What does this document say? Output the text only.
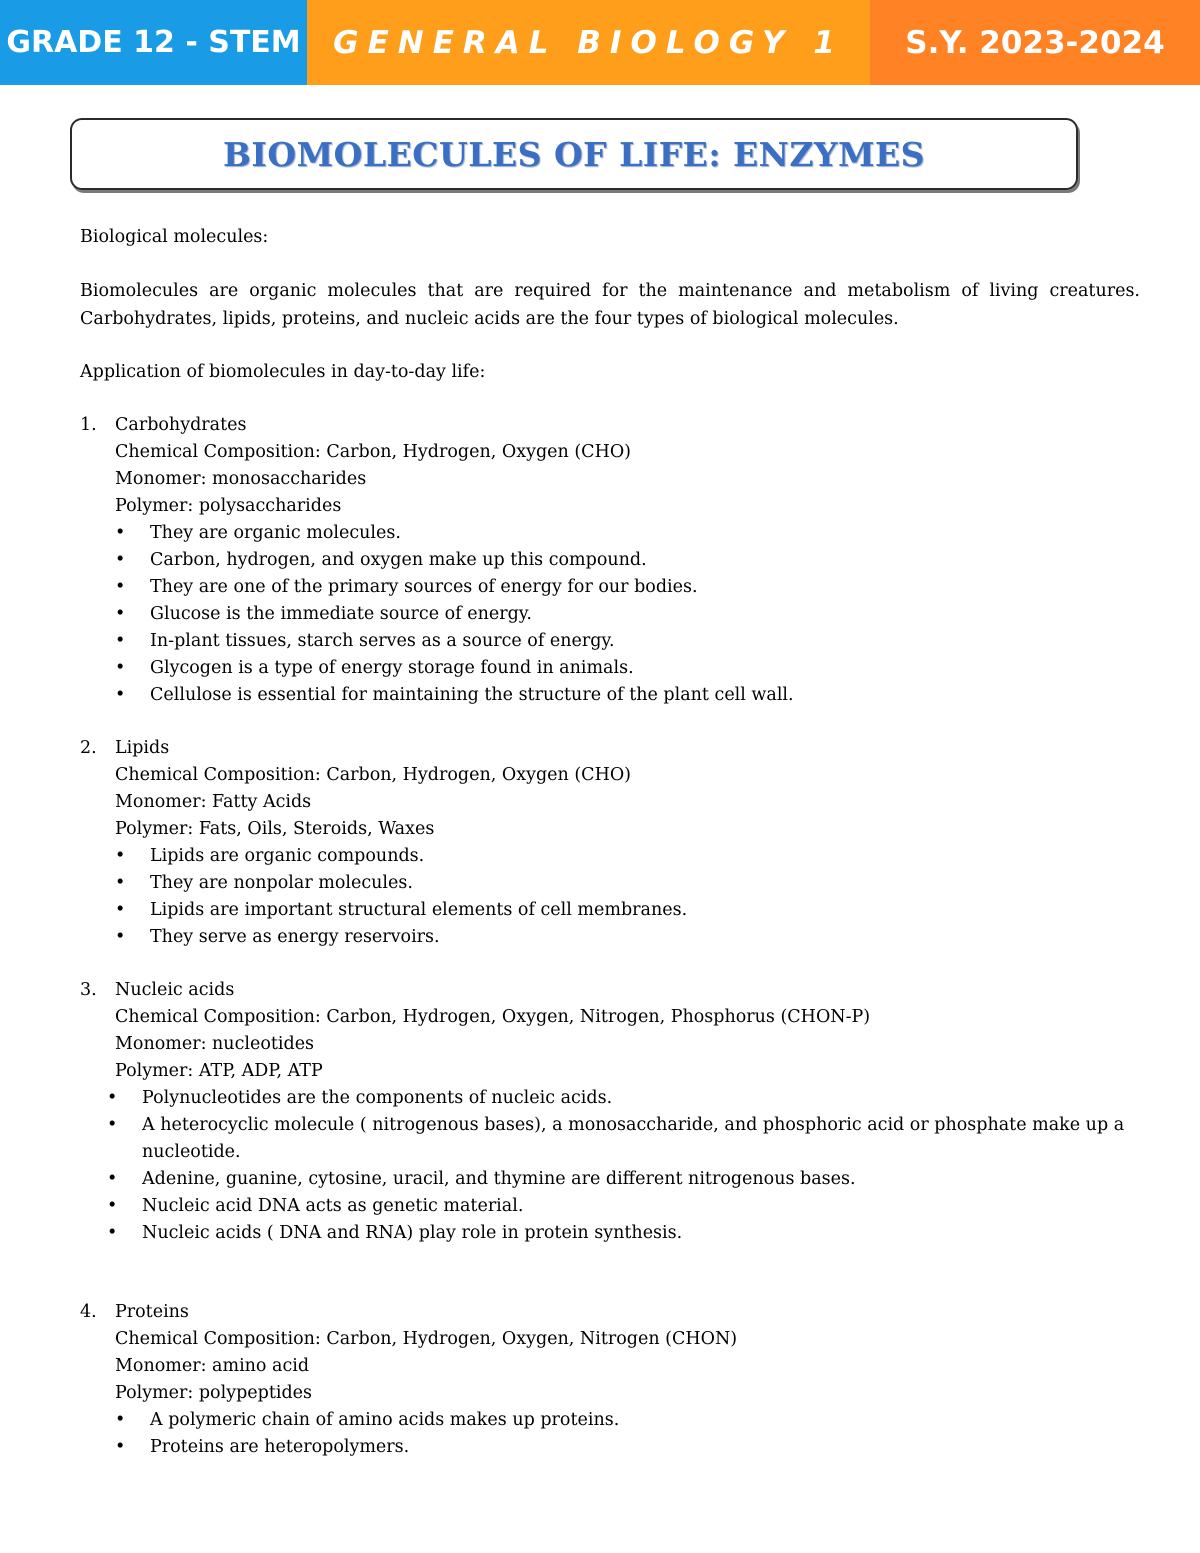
GRADE 12 - STEM	GENERAL BIOLOGY 1	S.Y. 2023-2024
BIOMOLECULES OF LIFE: ENZYMES
Biological molecules:
Biomolecules are organic molecules that are required for the maintenance and metabolism of living creatures. Carbohydrates, lipids, proteins, and nucleic acids are the four types of biological molecules.
Application of biomolecules in day-to-day life:
1. Carbohydrates
Chemical Composition: Carbon, Hydrogen, Oxygen (CHO)
Monomer: monosaccharides
Polymer: polysaccharides
• They are organic molecules.
• Carbon, hydrogen, and oxygen make up this compound.
• They are one of the primary sources of energy for our bodies.
• Glucose is the immediate source of energy.
• In-plant tissues, starch serves as a source of energy.
• Glycogen is a type of energy storage found in animals.
• Cellulose is essential for maintaining the structure of the plant cell wall.
2. Lipids
Chemical Composition: Carbon, Hydrogen, Oxygen (CHO)
Monomer: Fatty Acids
Polymer: Fats, Oils, Steroids, Waxes
• Lipids are organic compounds.
• They are nonpolar molecules.
• Lipids are important structural elements of cell membranes.
• They serve as energy reservoirs.
3. Nucleic acids
Chemical Composition: Carbon, Hydrogen, Oxygen, Nitrogen, Phosphorus (CHON-P)
Monomer: nucleotides
Polymer: ATP, ADP, ATP
• Polynucleotides are the components of nucleic acids.
• A heterocyclic molecule ( nitrogenous bases), a monosaccharide, and phosphoric acid or phosphate make up a nucleotide.
• Adenine, guanine, cytosine, uracil, and thymine are different nitrogenous bases.
• Nucleic acid DNA acts as genetic material.
• Nucleic acids ( DNA and RNA) play role in protein synthesis.
4. Proteins
Chemical Composition: Carbon, Hydrogen, Oxygen, Nitrogen (CHON)
Monomer: amino acid
Polymer: polypeptides
• A polymeric chain of amino acids makes up proteins.
• Proteins are heteropolymers.
